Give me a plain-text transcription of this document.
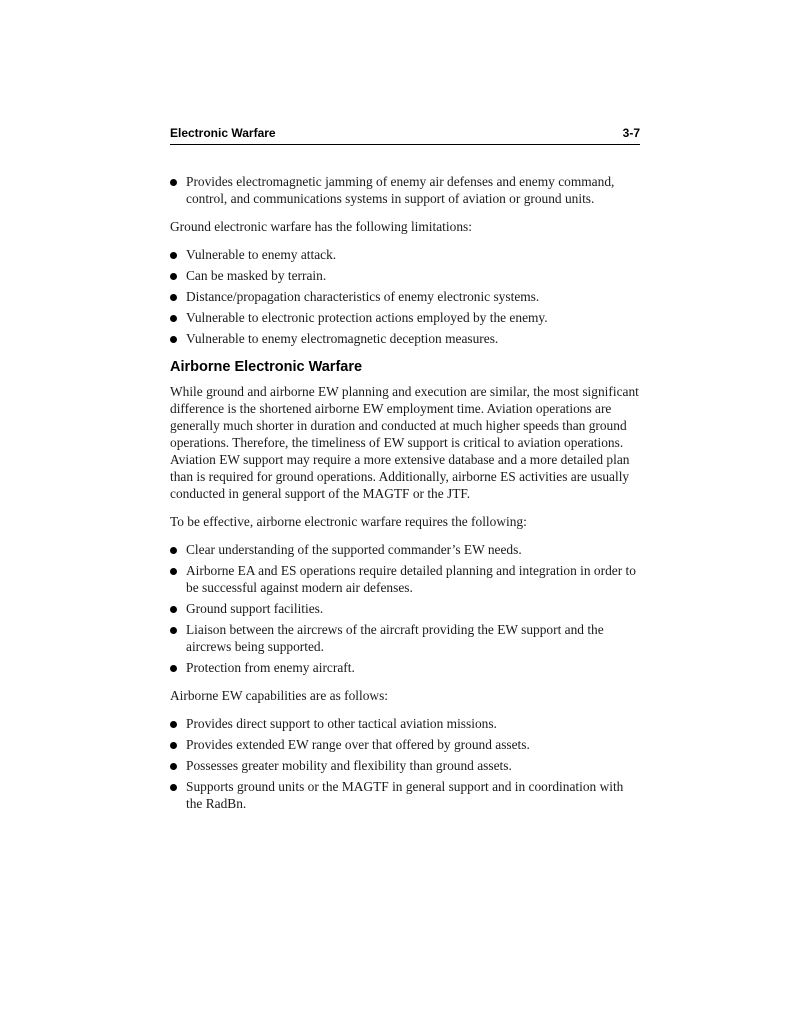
Electronic Warfare	3-7
Provides electromagnetic jamming of enemy air defenses and enemy command, control, and communications systems in support of aviation or ground units.

Ground electronic warfare has the following limitations:

Vulnerable to enemy attack.
Can be masked by terrain.
Distance/propagation characteristics of enemy electronic systems.
Vulnerable to electronic protection actions employed by the enemy.
Vulnerable to enemy electromagnetic deception measures.
Airborne Electronic Warfare

While ground and airborne EW planning and execution are similar, the most significant difference is the shortened airborne EW employment time. Aviation operations are generally much shorter in duration and conducted at much higher speeds than ground operations. Therefore, the timeliness of EW support is critical to aviation operations. Aviation EW support may require a more extensive database and a more detailed plan than is required for ground operations. Additionally, airborne ES activities are usually conducted in general support of the MAGTF or the JTF.

To be effective, airborne electronic warfare requires the following:

Clear understanding of the supported commander’s EW needs.
Airborne EA and ES operations require detailed planning and integration in order to be successful against modern air defenses.
Ground support facilities.
Liaison between the aircrews of the aircraft providing the EW support and the aircrews being supported.
Protection from enemy aircraft.

Airborne EW capabilities are as follows:

Provides direct support to other tactical aviation missions.
Provides extended EW range over that offered by ground assets.
Possesses greater mobility and flexibility than ground assets.
Supports ground units or the MAGTF in general support and in coordination with the RadBn.
